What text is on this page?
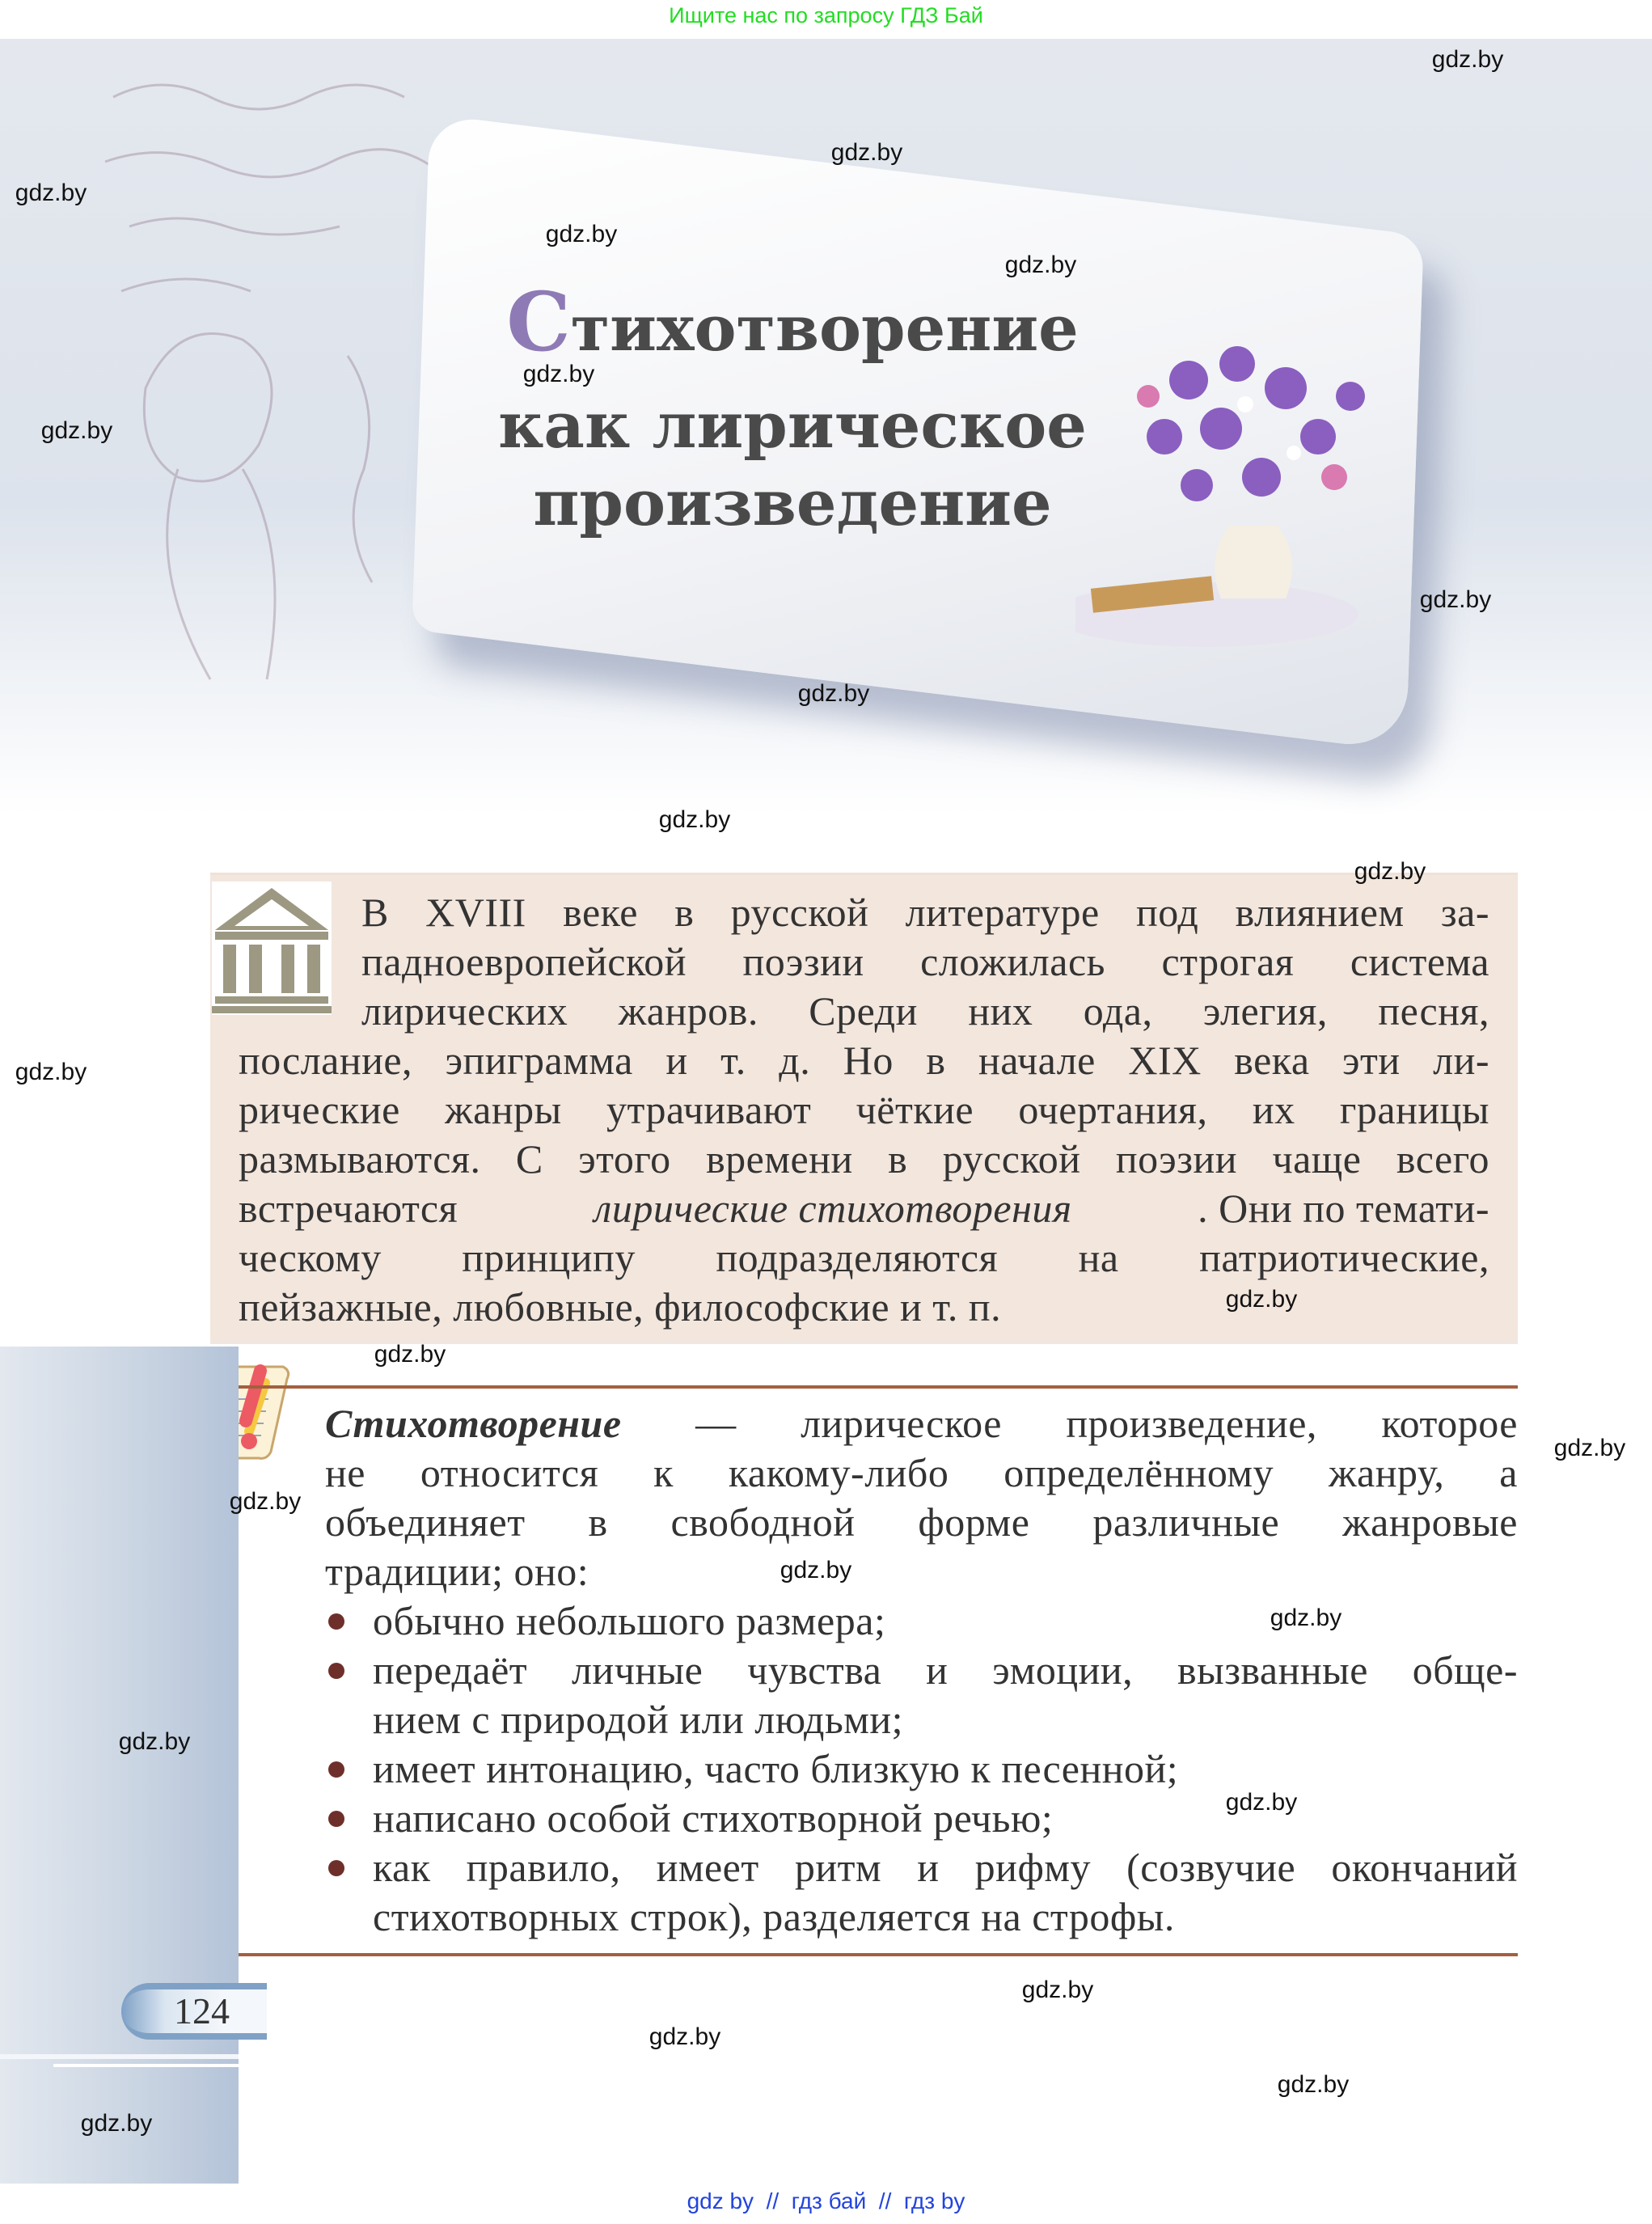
Ищите нас по запросу ГДЗ Бай
Стихотворение
как лирическое
произведение
В XVIII веке в русской литературе под влиянием за-
падноевропейской поэзии сложилась строгая система
лирических жанров. Среди них ода, элегия, песня,
послание, эпиграмма и т. д. Но в начале XIX века эти ли-
рические жанры утрачивают чёткие очертания, их границы
размываются. С этого времени в русской поэзии чаще всего
встречаются	лирические стихотворения	. Они по темати-
ческому принципу подразделяются на патриотические,
пейзажные, любовные, философские и т. п.
Стихотворение — лирическое произведение, которое
не относится к какому-либо определённому жанру, а
объединяет в свободной форме различные жанровые
традиции; оно:
обычно небольшого размера;
передаёт личные чувства и эмоции, вызванные обще-
нием с природой или людьми;
имеет интонацию, часто близкую к песенной;
написано особой стихотворной речью;
как правило, имеет ритм и рифму (созвучие окончаний
стихотворных строк), разделяется на строфы.
124
gdz.by
gdz.by
gdz.by
gdz.by
gdz.by
gdz.by
gdz.by
gdz.by
gdz.by
gdz.by
gdz.by
gdz.by
gdz.by
gdz.by
gdz.by
gdz.by
gdz.by
gdz.by
gdz.by
gdz.by
gdz.by
gdz.by
gdz.by
gdz.by
gdz by  //  гдз бай  //  гдз by
